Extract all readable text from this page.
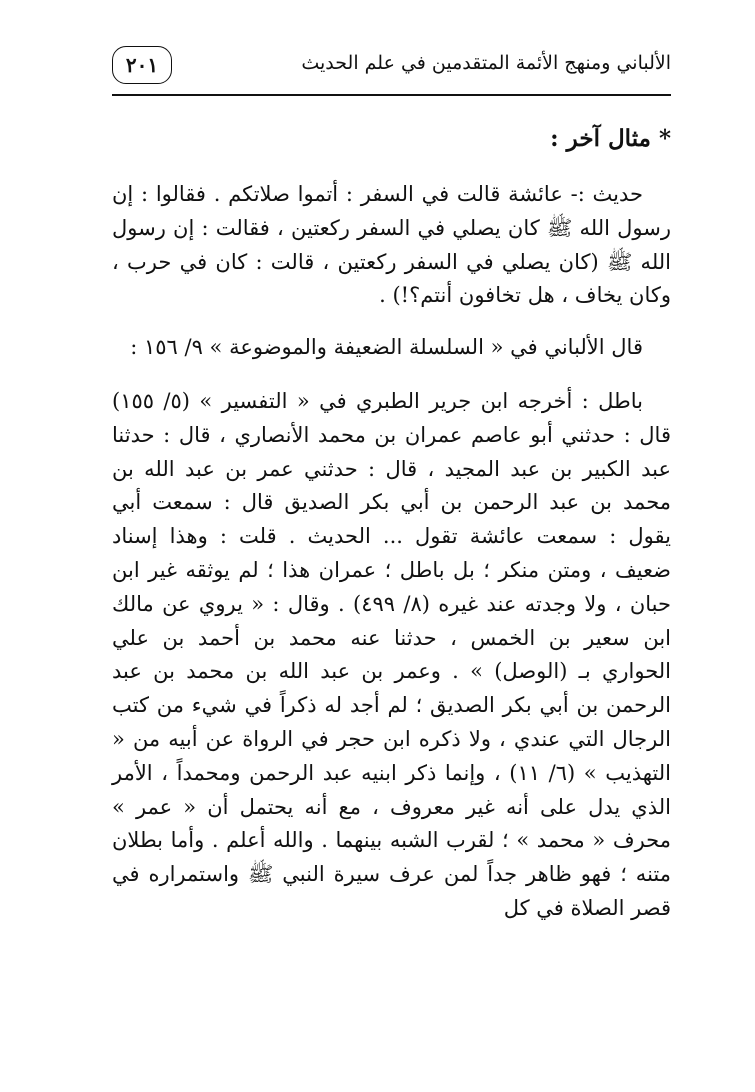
الألباني ومنهج الأئمة المتقدمين في علم الحديث
٢٠١
* مثال آخر :

حديث :- عائشة قالت في السفر : أتموا صلاتكم . فقالوا : إن رسول الله ﷺ كان يصلي في السفر ركعتين ، فقالت : إن رسول الله ﷺ (كان يصلي في السفر ركعتين ، قالت : كان في حرب ، وكان يخاف ، هل تخافون أنتم؟!) .

قال الألباني في « السلسلة الضعيفة والموضوعة » ٩/ ١٥٦ :

باطل : أخرجه ابن جرير الطبري في « التفسير » (٥/ ١٥٥) قال : حدثني أبو عاصم عمران بن محمد الأنصاري ، قال : حدثنا عبد الكبير بن عبد المجيد ، قال : حدثني عمر بن عبد الله بن محمد بن عبد الرحمن بن أبي بكر الصديق قال : سمعت أبي يقول : سمعت عائشة تقول ... الحديث . قلت : وهذا إسناد ضعيف ، ومتن منكر ؛ بل باطل ؛ عمران هذا ؛ لم يوثقه غير ابن حبان ، ولا وجدته عند غيره (٨/ ٤٩٩) . وقال : « يروي عن مالك ابن سعير بن الخمس ، حدثنا عنه محمد بن أحمد بن علي الحواري بـ (الوصل) » . وعمر بن عبد الله بن محمد بن عبد الرحمن بن أبي بكر الصديق ؛ لم أجد له ذكراً في شيء من كتب الرجال التي عندي ، ولا ذكره ابن حجر في الرواة عن أبيه من « التهذيب » (٦/ ١١) ، وإنما ذكر ابنيه عبد الرحمن ومحمداً ، الأمر الذي يدل على أنه غير معروف ، مع أنه يحتمل أن « عمر » محرف « محمد » ؛ لقرب الشبه بينهما . والله أعلم . وأما بطلان متنه ؛ فهو ظاهر جداً لمن عرف سيرة النبي ﷺ واستمراره في قصر الصلاة في كل
